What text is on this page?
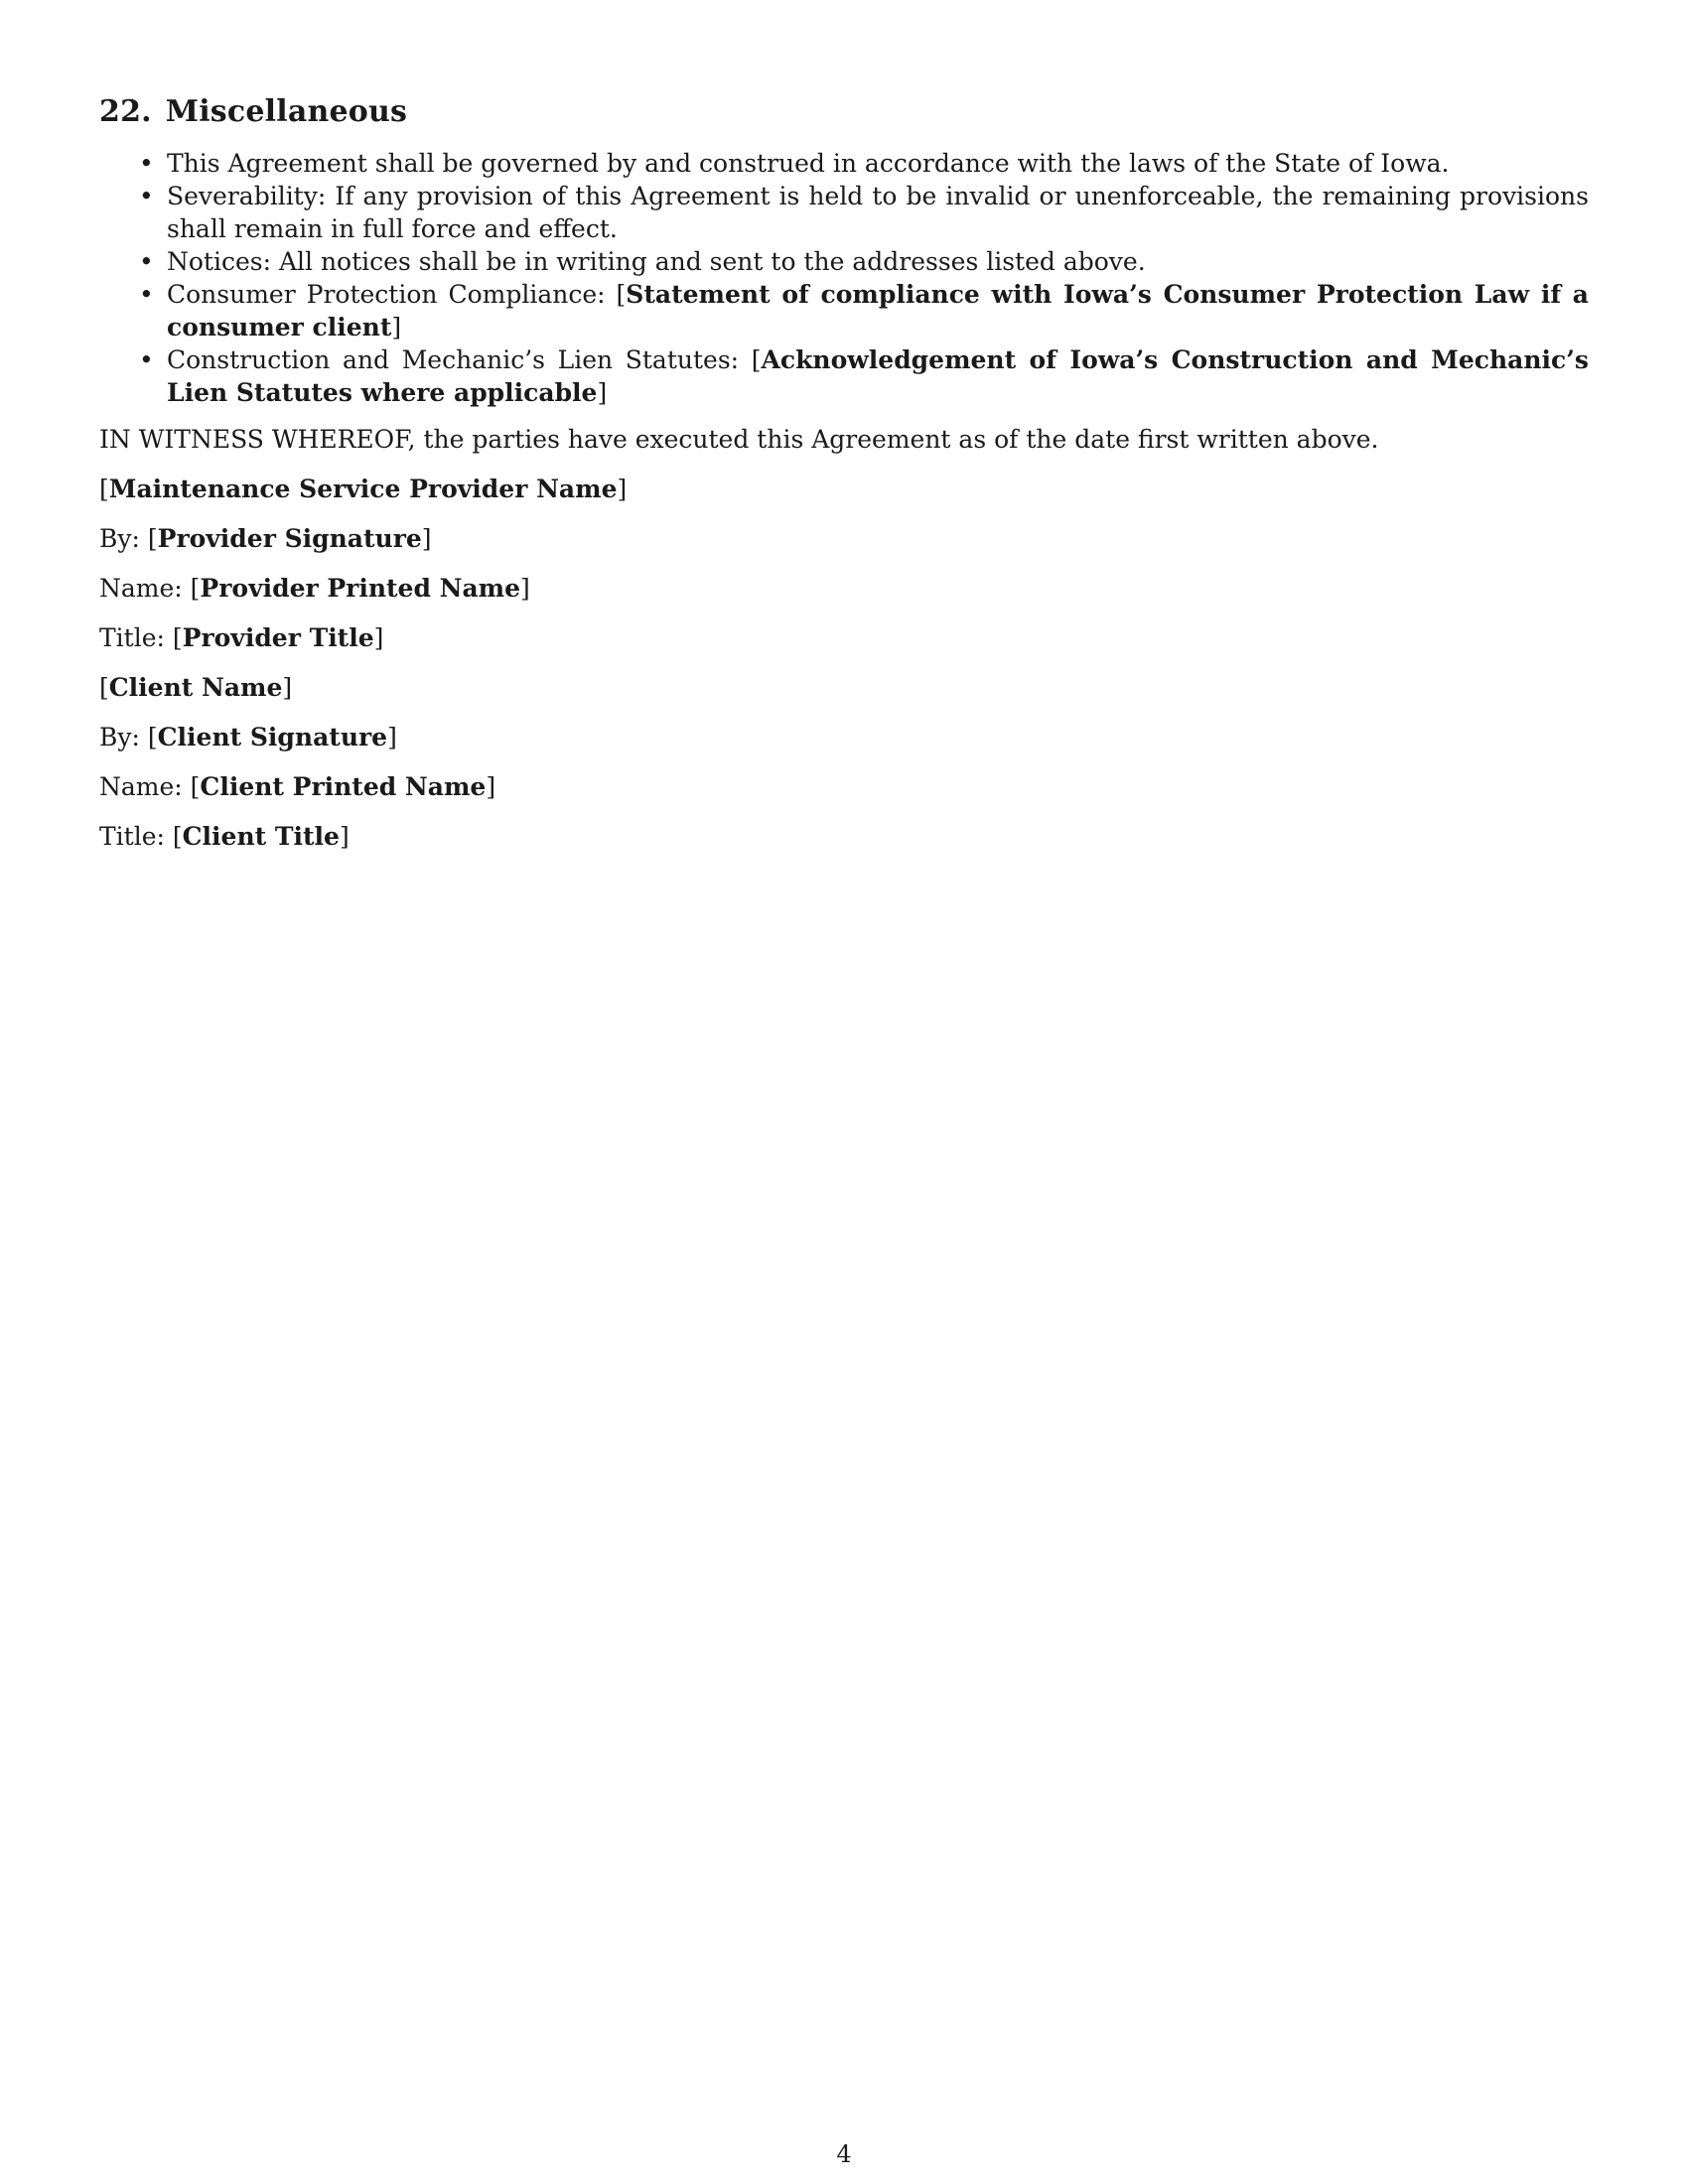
22. Miscellaneous
• This Agreement shall be governed by and construed in accordance with the laws of the State of Iowa.
• Severability: If any provision of this Agreement is held to be invalid or unenforceable, the remaining provisions shall remain in full force and effect.
• Notices: All notices shall be in writing and sent to the addresses listed above.
• Consumer Protection Compliance: [Statement of compliance with Iowa’s Consumer Protection Law if a consumer client]
• Construction and Mechanic’s Lien Statutes: [Acknowledgement of Iowa’s Construction and Mechanic’s Lien Statutes where applicable]

IN WITNESS WHEREOF, the parties have executed this Agreement as of the date first written above.

[Maintenance Service Provider Name]

By: [Provider Signature]

Name: [Provider Printed Name]

Title: [Provider Title]

[Client Name]

By: [Client Signature]

Name: [Client Printed Name]

Title: [Client Title]

4
